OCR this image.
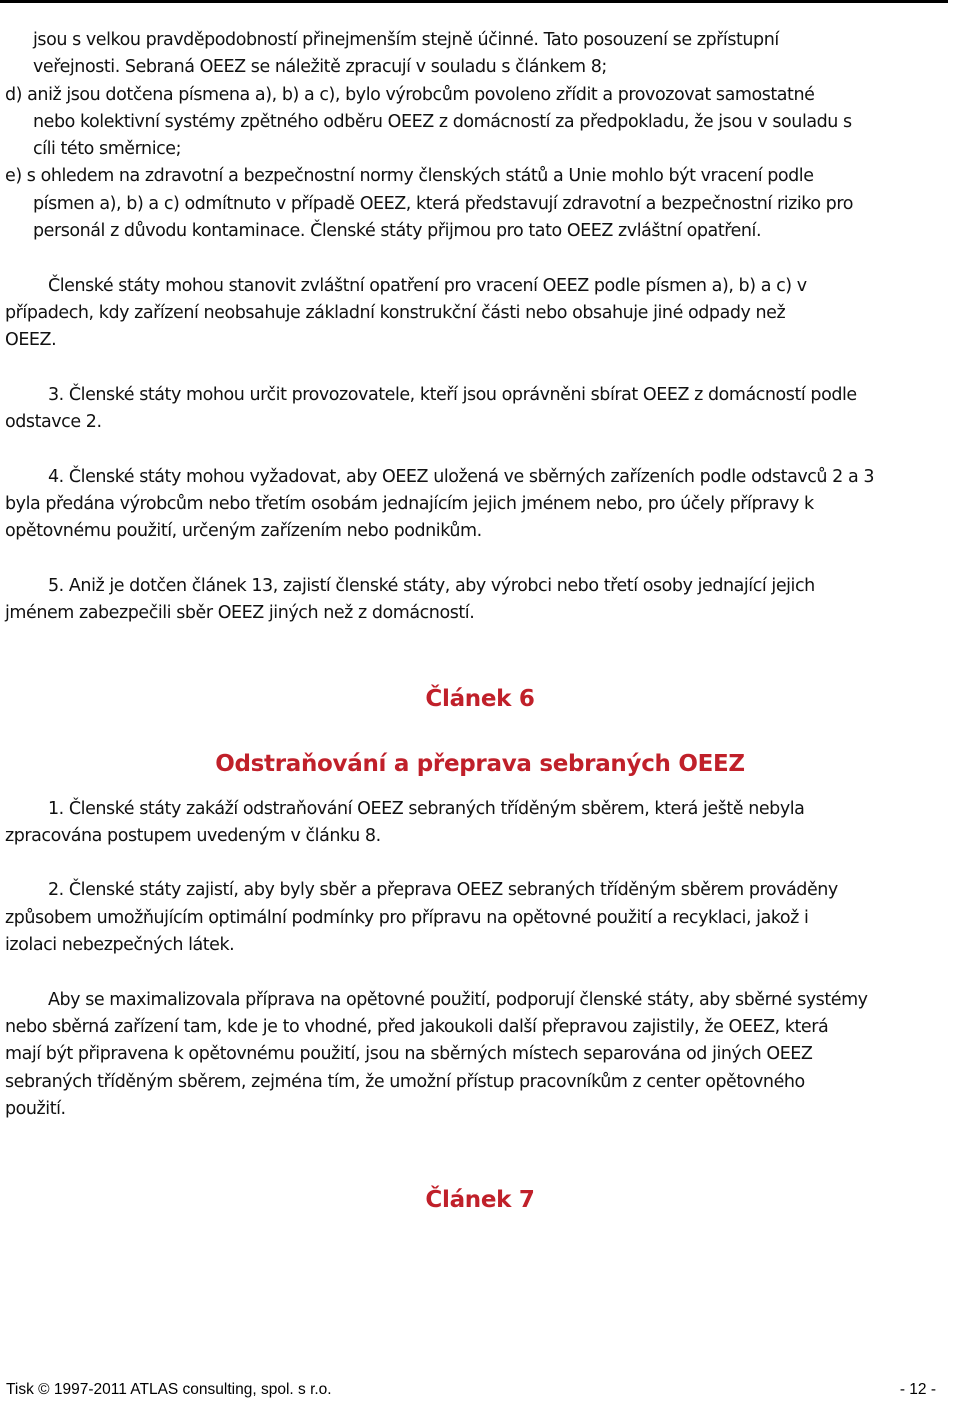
jsou s velkou pravděpodobností přinejmenším stejně účinné. Tato posouzení se zpřístupní
veřejnosti. Sebraná OEEZ se náležitě zpracují v souladu s článkem 8;
d) aniž jsou dotčena písmena a), b) a c), bylo výrobcům povoleno zřídit a provozovat samostatné
nebo kolektivní systémy zpětného odběru OEEZ z domácností za předpokladu, že jsou v souladu s
cíli této směrnice;
e) s ohledem na zdravotní a bezpečnostní normy členských států a Unie mohlo být vracení podle
písmen a), b) a c) odmítnuto v případě OEEZ, která představují zdravotní a bezpečnostní riziko pro
personál z důvodu kontaminace. Členské státy přijmou pro tato OEEZ zvláštní opatření.
Členské státy mohou stanovit zvláštní opatření pro vracení OEEZ podle písmen a), b) a c) v
případech, kdy zařízení neobsahuje základní konstrukční části nebo obsahuje jiné odpady než
OEEZ.
3. Členské státy mohou určit provozovatele, kteří jsou oprávněni sbírat OEEZ z domácností podle
odstavce 2.
4. Členské státy mohou vyžadovat, aby OEEZ uložená ve sběrných zařízeních podle odstavců 2 a 3
byla předána výrobcům nebo třetím osobám jednajícím jejich jménem nebo, pro účely přípravy k
opětovnému použití, určeným zařízením nebo podnikům.
5. Aniž je dotčen článek 13, zajistí členské státy, aby výrobci nebo třetí osoby jednající jejich
jménem zabezpečili sběr OEEZ jiných než z domácností.
Článek 6
Odstraňování a přeprava sebraných OEEZ
1. Členské státy zakáží odstraňování OEEZ sebraných tříděným sběrem, která ještě nebyla
zpracována postupem uvedeným v článku 8.
2. Členské státy zajistí, aby byly sběr a přeprava OEEZ sebraných tříděným sběrem prováděny
způsobem umožňujícím optimální podmínky pro přípravu na opětovné použití a recyklaci, jakož i
izolaci nebezpečných látek.
Aby se maximalizovala příprava na opětovné použití, podporují členské státy, aby sběrné systémy
nebo sběrná zařízení tam, kde je to vhodné, před jakoukoli další přepravou zajistily, že OEEZ, která
mají být připravena k opětovnému použití, jsou na sběrných místech separována od jiných OEEZ
sebraných tříděným sběrem, zejména tím, že umožní přístup pracovníkům z center opětovného
použití.
Článek 7
Tisk © 1997-2011 ATLAS consulting, spol. s r.o.	- 12 -
